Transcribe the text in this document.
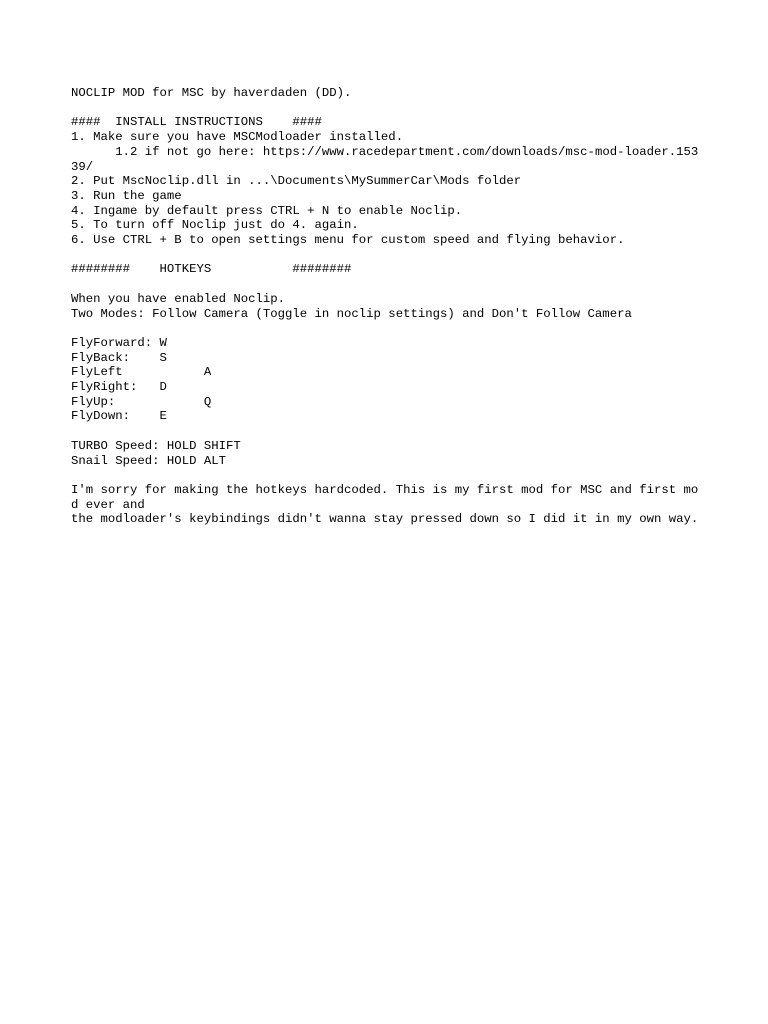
NOCLIP MOD for MSC by haverdaden (DD).
####  INSTALL INSTRUCTIONS    ####
1. Make sure you have MSCModloader installed.
1.2 if not go here: https://www.racedepartment.com/downloads/msc-mod-loader.15339/
2. Put MscNoclip.dll in ...\Documents\MySummerCar\Mods folder
3. Run the game
4. Ingame by default press CTRL + N to enable Noclip.
5. To turn off Noclip just do 4. again.
6. Use CTRL + B to open settings menu for custom speed and flying behavior.
########    HOTKEYS           ########
When you have enabled Noclip.
Two Modes: Follow Camera (Toggle in noclip settings) and Don't Follow Camera
FlyForward: W
FlyBack:    S
FlyLeft           A
FlyRight:   D
FlyUp:            Q
FlyDown:    E
TURBO Speed: HOLD SHIFT
Snail Speed: HOLD ALT
I'm sorry for making the hotkeys hardcoded. This is my first mod for MSC and first mod ever and
the modloader's keybindings didn't wanna stay pressed down so I did it in my own way.
